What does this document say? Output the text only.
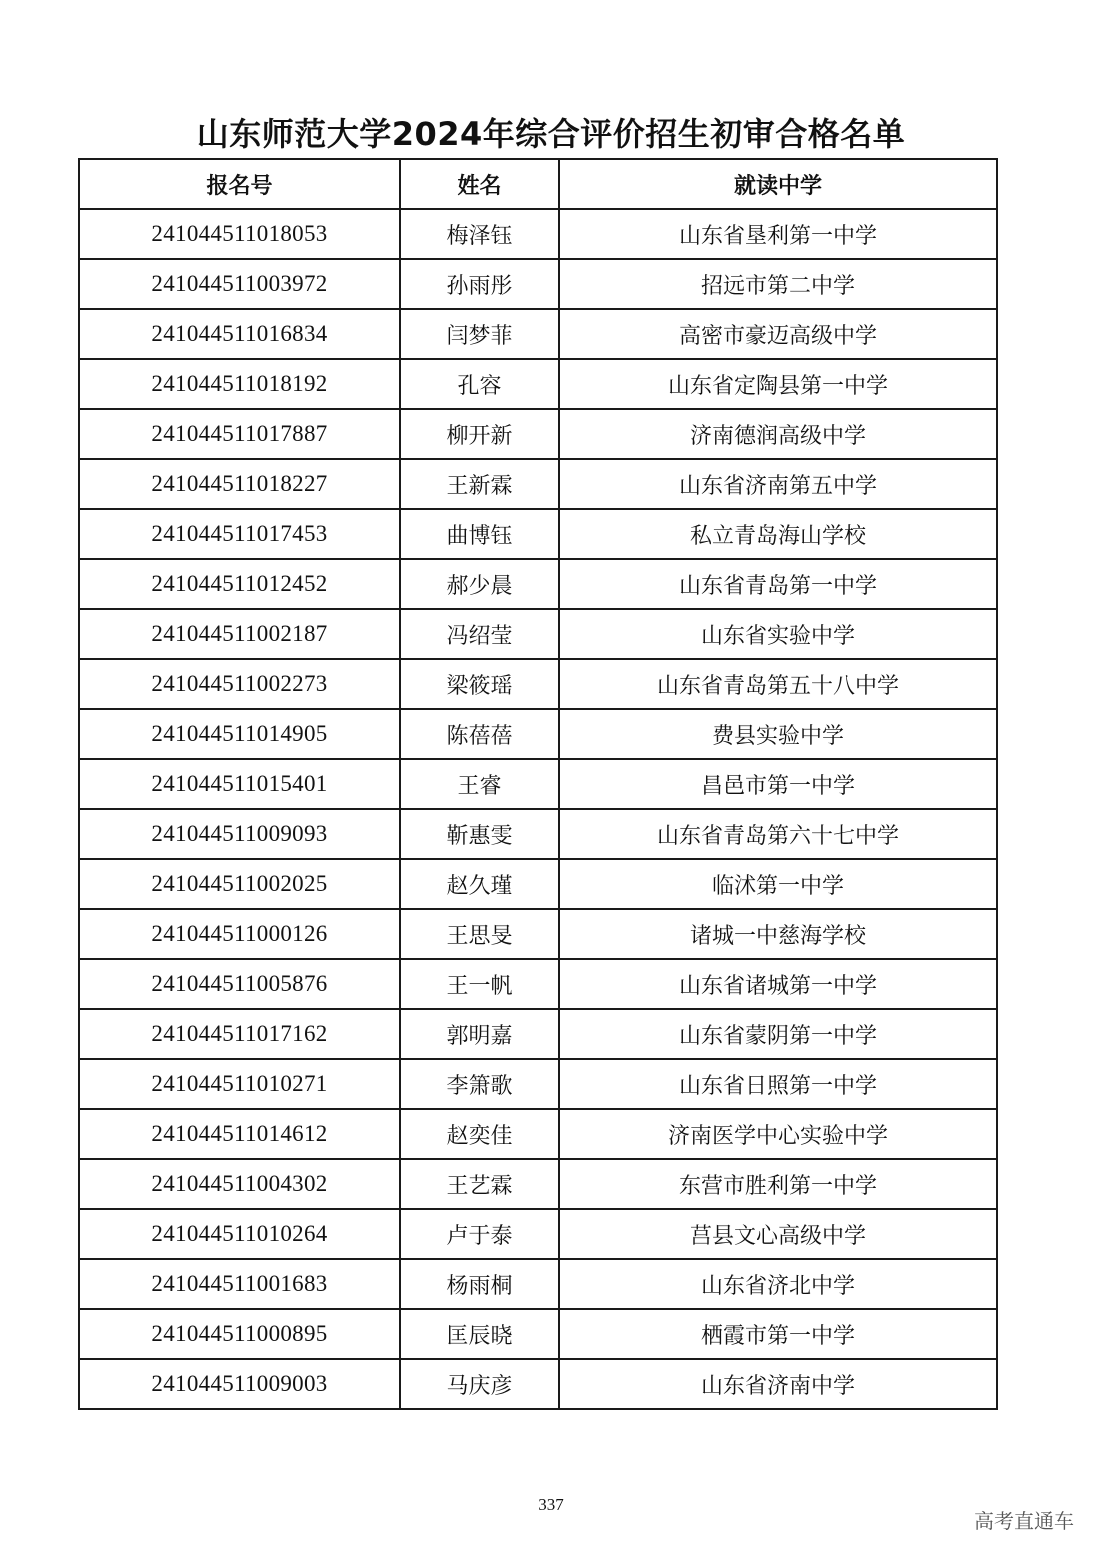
山东师范大学2024年综合评价招生初审合格名单
报名号	姓名	就读中学
241044511018053	梅泽钰	山东省垦利第一中学
241044511003972	孙雨彤	招远市第二中学
241044511016834	闫梦菲	高密市豪迈高级中学
241044511018192	孔容	山东省定陶县第一中学
241044511017887	柳开新	济南德润高级中学
241044511018227	王新霖	山东省济南第五中学
241044511017453	曲博钰	私立青岛海山学校
241044511012452	郝少晨	山东省青岛第一中学
241044511002187	冯绍莹	山东省实验中学
241044511002273	梁筱瑶	山东省青岛第五十八中学
241044511014905	陈蓓蓓	费县实验中学
241044511015401	王睿	昌邑市第一中学
241044511009093	靳惠雯	山东省青岛第六十七中学
241044511002025	赵久瑾	临沭第一中学
241044511000126	王思旻	诸城一中慈海学校
241044511005876	王一帆	山东省诸城第一中学
241044511017162	郭明嘉	山东省蒙阴第一中学
241044511010271	李箫歌	山东省日照第一中学
241044511014612	赵奕佳	济南医学中心实验中学
241044511004302	王艺霖	东营市胜利第一中学
241044511010264	卢于泰	莒县文心高级中学
241044511001683	杨雨桐	山东省济北中学
241044511000895	匡辰晓	栖霞市第一中学
241044511009003	马庆彦	山东省济南中学
337
高考直通车
